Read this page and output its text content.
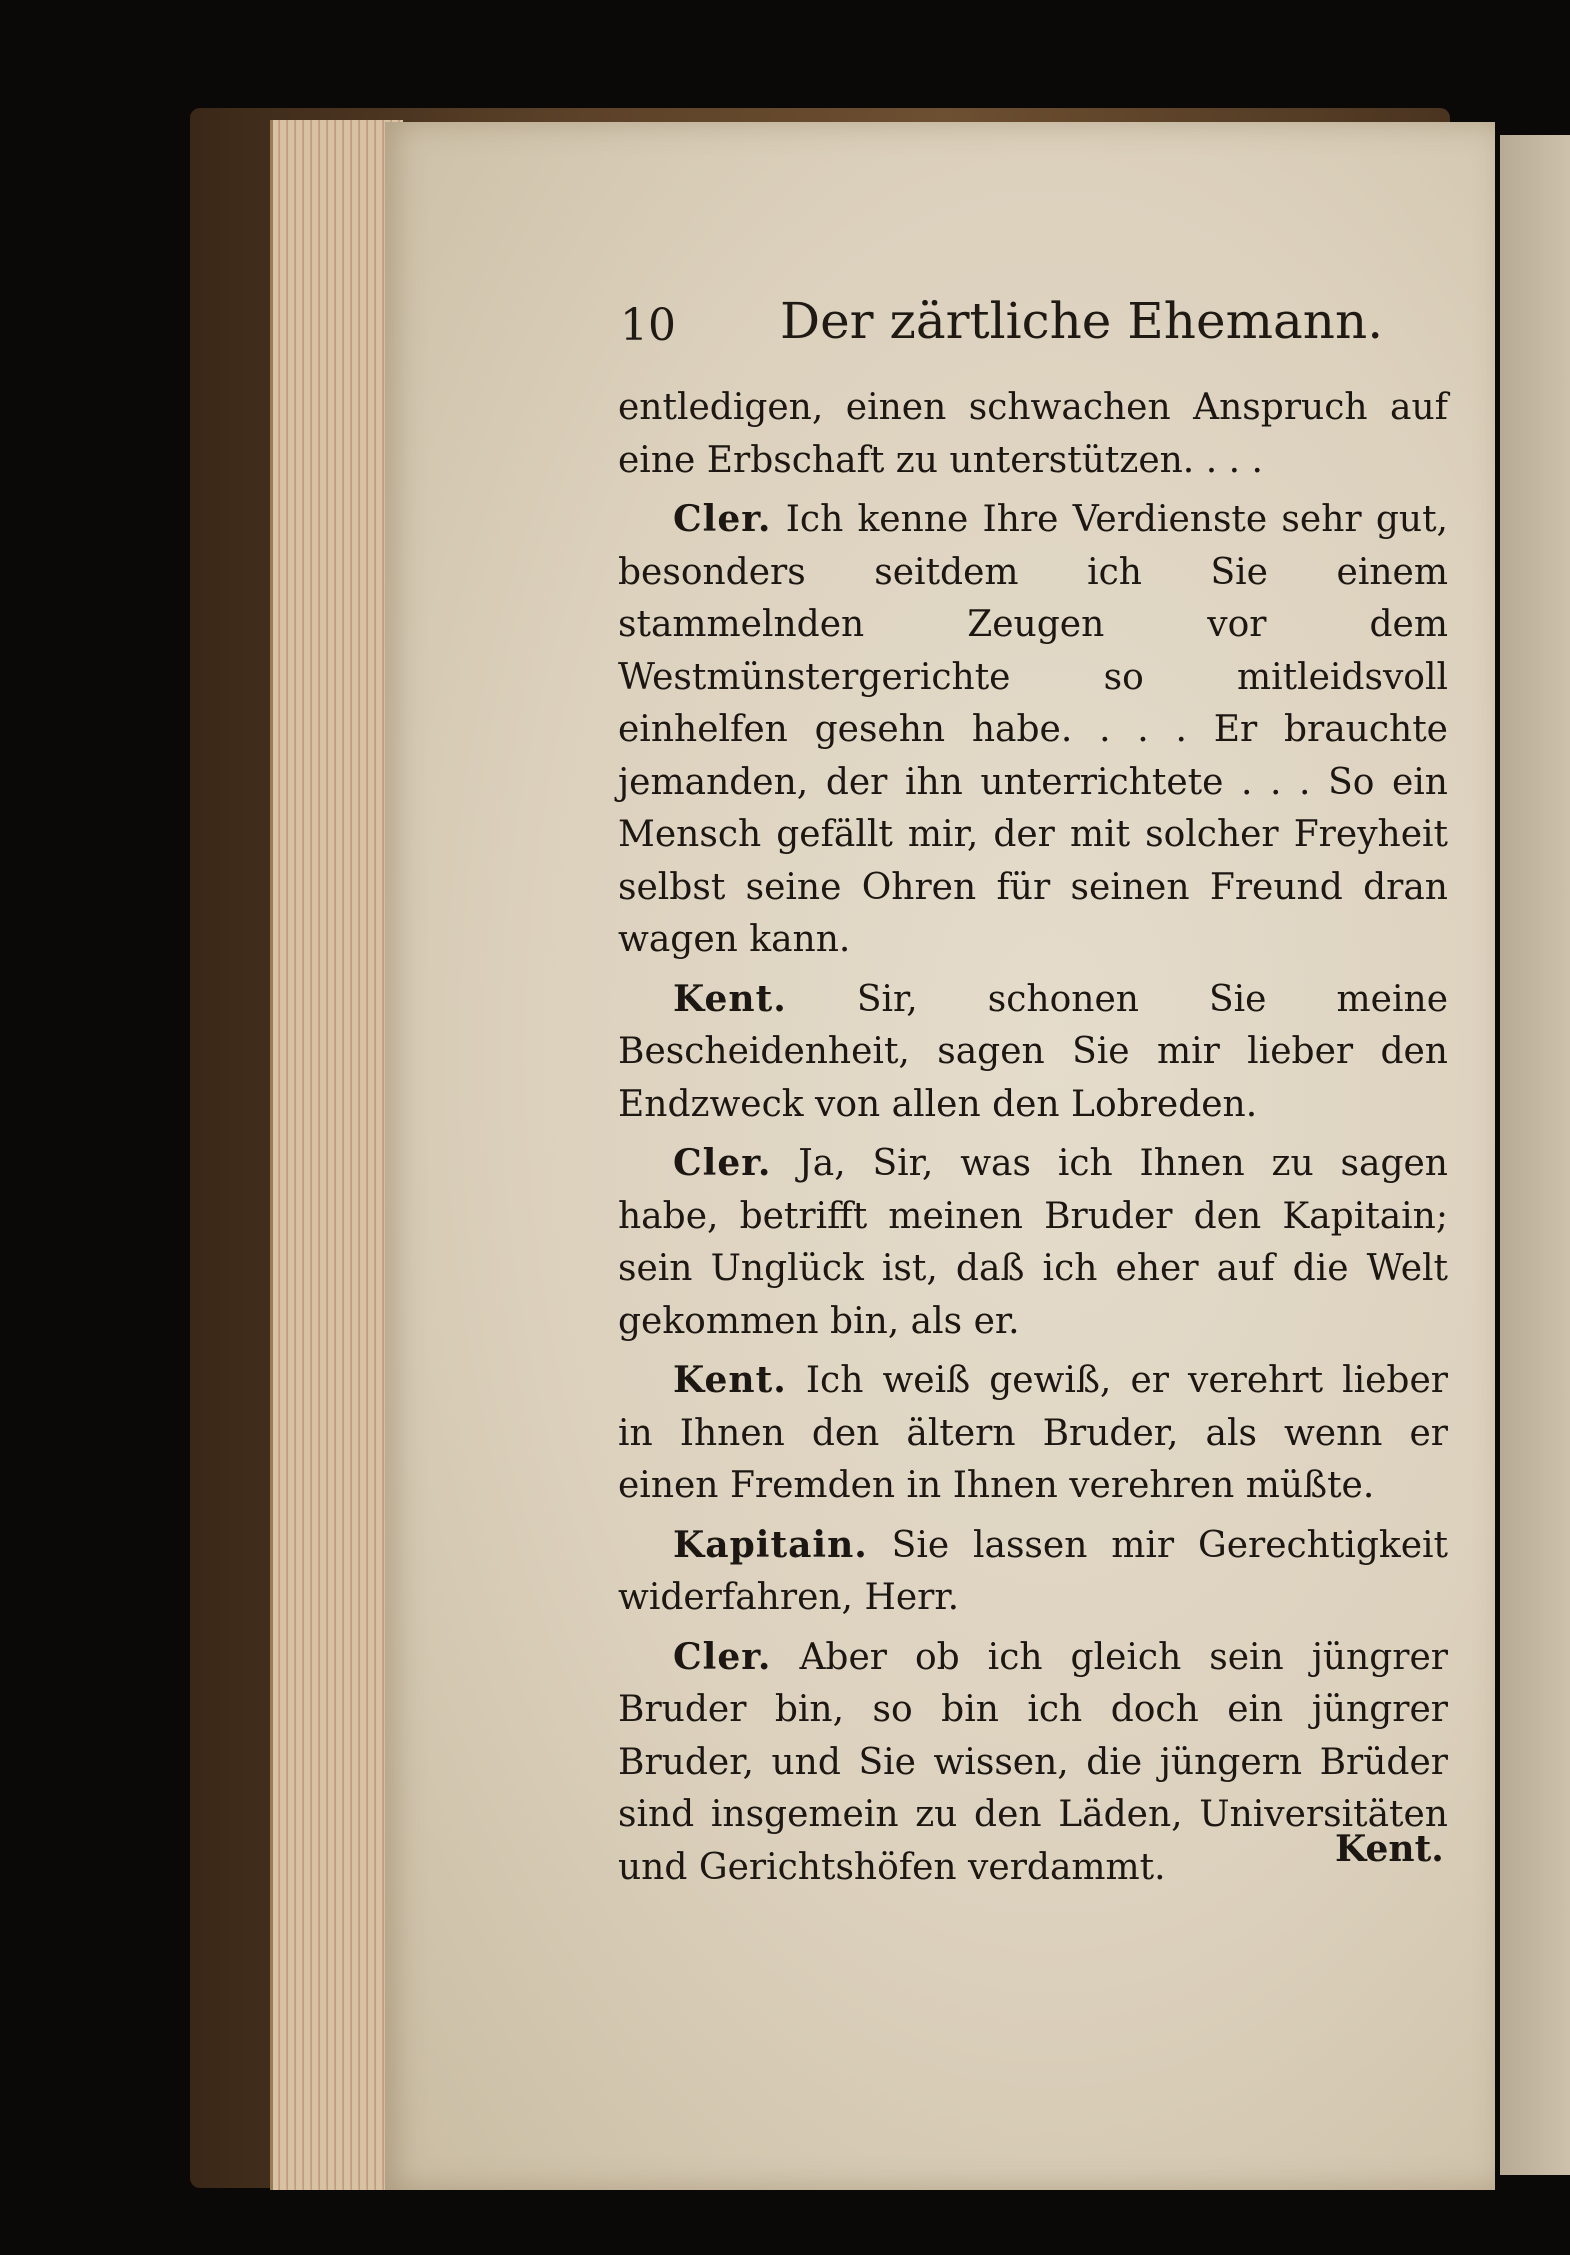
10 Der zärtliche Ehemann.

entledigen, einen schwachen Anspruch auf eine Erbschaft zu unterstützen. . . .

Cler. Ich kenne Ihre Verdienste sehr gut, besonders seitdem ich Sie einem stammelnden Zeugen vor dem Westmünstergerichte so mitleidsvoll einhelfen gesehn habe. . . . Er brauchte jemanden, der ihn unterrichtete . . . So ein Mensch gefällt mir, der mit solcher Freyheit selbst seine Ohren für seinen Freund dran wagen kann.

Kent. Sir, schonen Sie meine Bescheidenheit, sagen Sie mir lieber den Endzweck von allen den Lobreden.

Cler. Ja, Sir, was ich Ihnen zu sagen habe, betrifft meinen Bruder den Kapitain; sein Unglück ist, daß ich eher auf die Welt gekommen bin, als er.

Kent. Ich weiß gewiß, er verehrt lieber in Ihnen den ältern Bruder, als wenn er einen Fremden in Ihnen verehren müßte.

Kapitain. Sie lassen mir Gerechtigkeit widerfahren, Herr.

Cler. Aber ob ich gleich sein jüngrer Bruder bin, so bin ich doch ein jüngrer Bruder, und Sie wissen, die jüngern Brüder sind insgemein zu den Läden, Universitäten und Gerichtshöfen verdammt.	Kent.
